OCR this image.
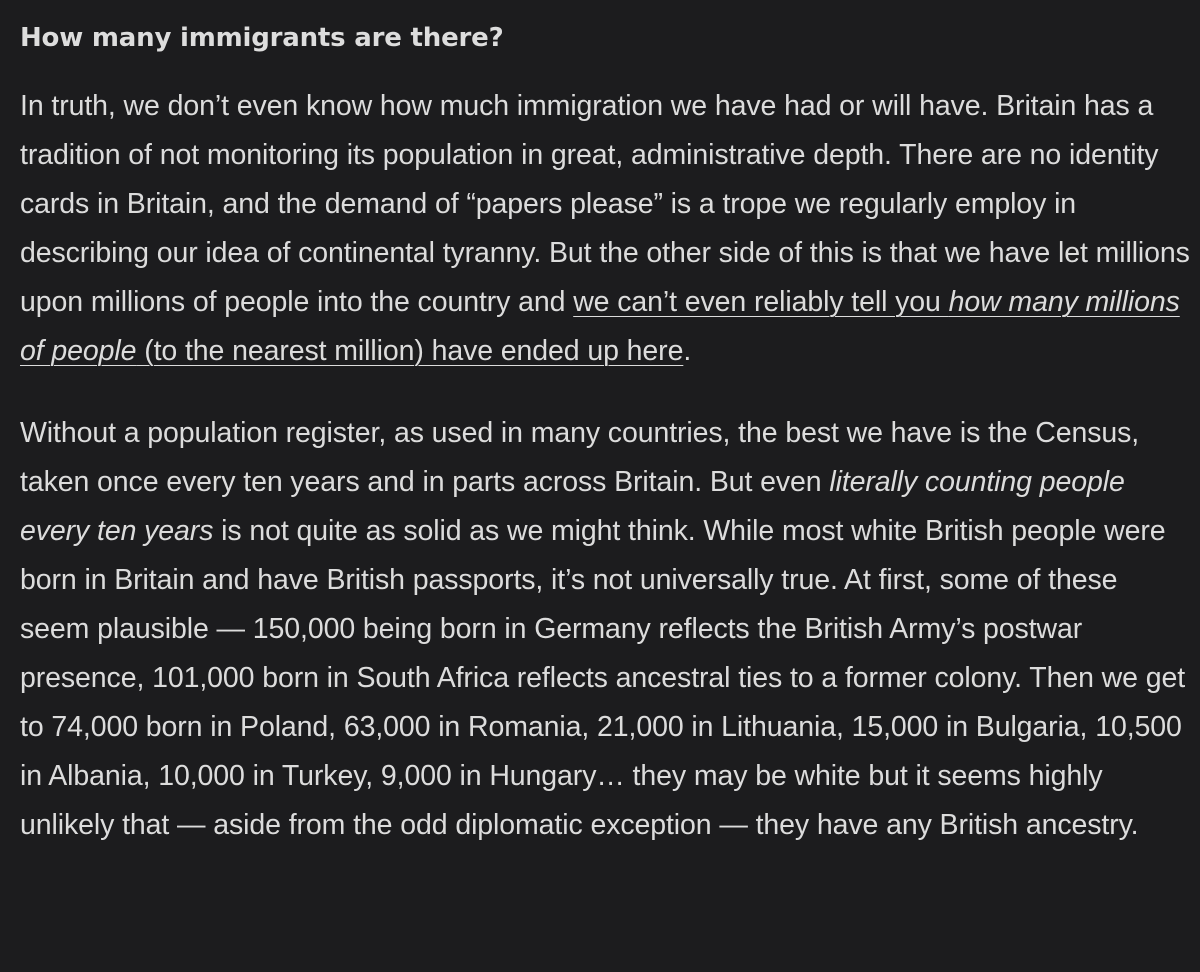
How many immigrants are there?

In truth, we don’t even know how much immigration we have had or will have. Britain has a tradition of not monitoring its population in great, administrative depth. There are no identity cards in Britain, and the demand of “papers please” is a trope we regularly employ in describing our idea of continental tyranny. But the other side of this is that we have let millions upon millions of people into the country and we can’t even reliably tell you how many millions of people (to the nearest million) have ended up here.

Without a population register, as used in many countries, the best we have is the Census, taken once every ten years and in parts across Britain. But even literally counting people every ten years is not quite as solid as we might think. While most white British people were born in Britain and have British passports, it’s not universally true. At first, some of these seem plausible — 150,000 being born in Germany reflects the British Army’s postwar presence, 101,000 born in South Africa reflects ancestral ties to a former colony. Then we get to 74,000 born in Poland, 63,000 in Romania, 21,000 in Lithuania, 15,000 in Bulgaria, 10,500 in Albania, 10,000 in Turkey, 9,000 in Hungary… they may be white but it seems highly unlikely that — aside from the odd diplomatic exception — they have any British ancestry.
